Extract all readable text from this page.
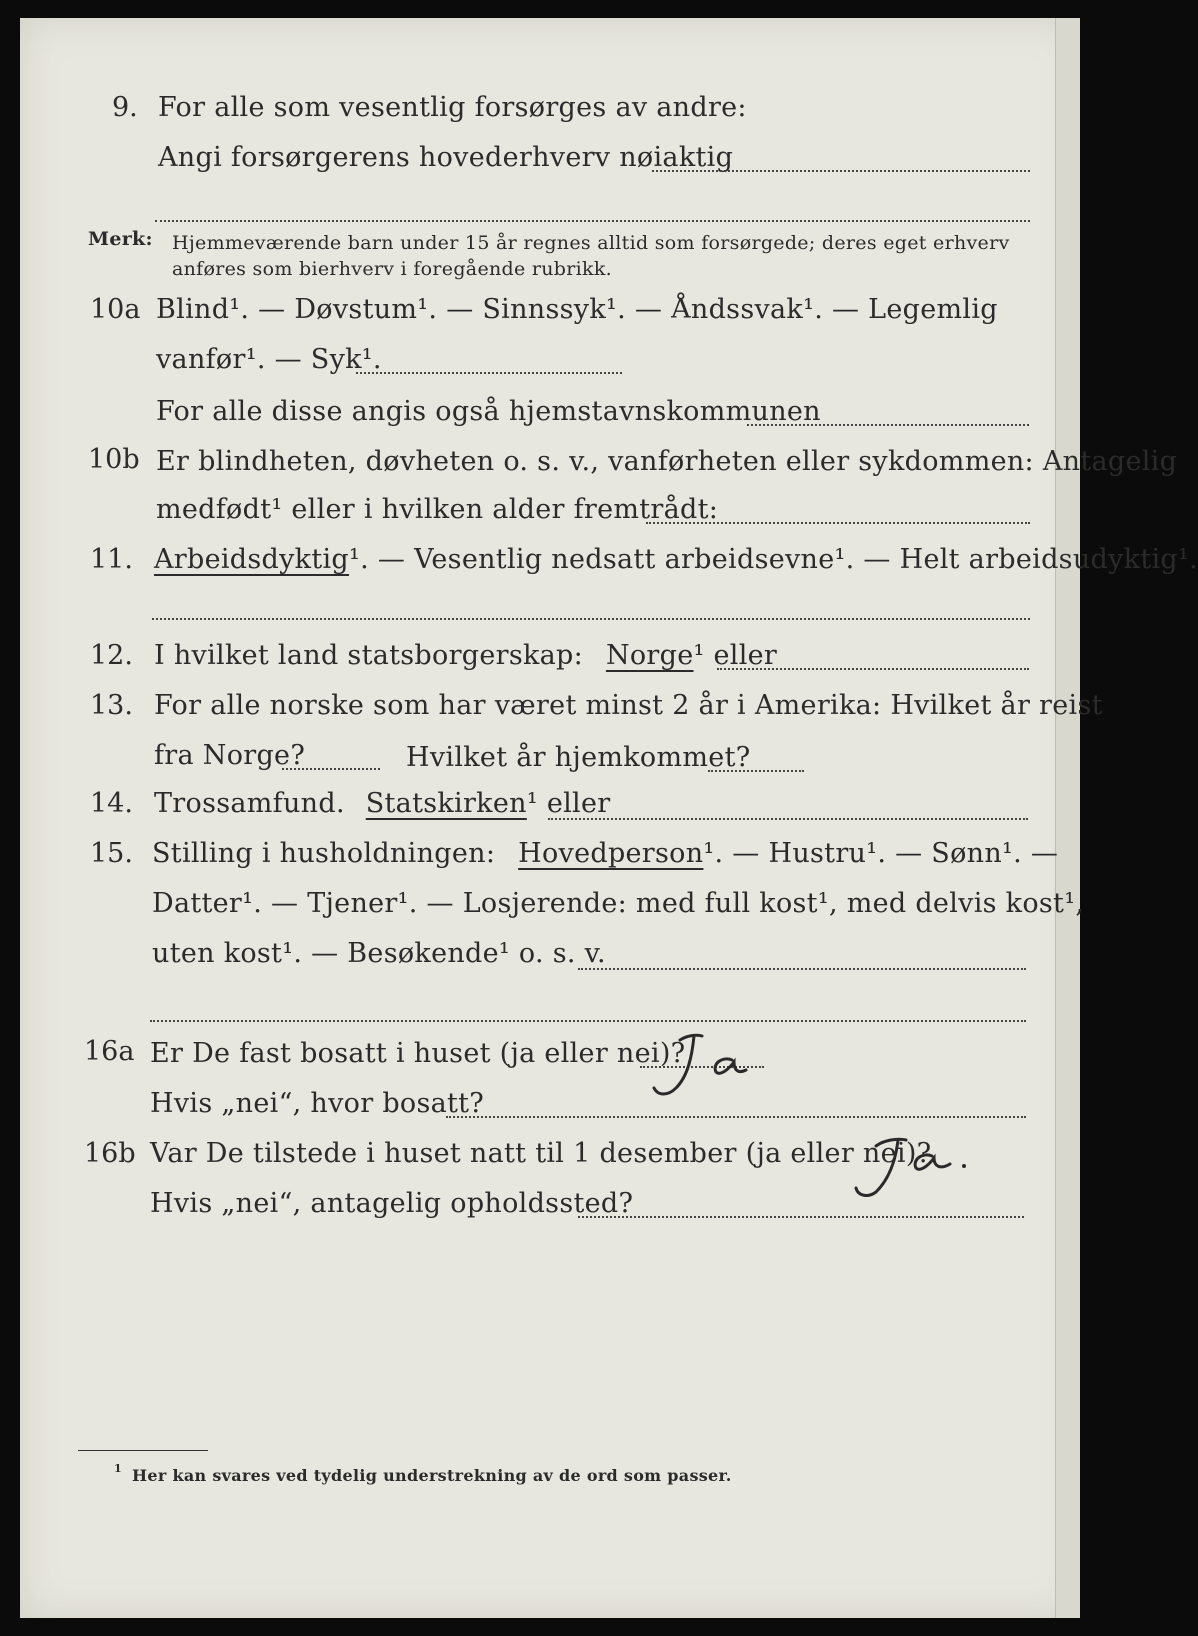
9. For alle som vesentlig forsørges av andre:
Angi forsørgerens hovederhverv nøiaktig
Merk: Hjemmeværende barn under 15 år regnes alltid som forsørgede; deres eget erhverv
anføres som bierhverv i foregående rubrikk.
10a Blind¹. — Døvstum¹. — Sinnssyk¹. — Åndssvak¹. — Legemlig
vanfør¹. — Syk¹.
For alle disse angis også hjemstavnskommunen
10b Er blindheten, døvheten o. s. v., vanførheten eller sykdommen: Antagelig
medfødt¹ eller i hvilken alder fremtrådt:
11. Arbeidsdyktig¹. — Vesentlig nedsatt arbeidsevne¹. — Helt arbeidsudyktig¹.
12. I hvilket land statsborgerskap: Norge¹ eller
13. For alle norske som har været minst 2 år i Amerika: Hvilket år reist
fra Norge?	Hvilket år hjemkommet?
14. Trossamfund. Statskirken¹ eller
15. Stilling i husholdningen: Hovedperson¹. — Hustru¹. — Sønn¹. —
Datter¹. — Tjener¹. — Losjerende: med full kost¹, med delvis kost¹,
uten kost¹. — Besøkende¹ o. s. v.
16a Er De fast bosatt i huset (ja eller nei)?
Hvis „nei“, hvor bosatt?
16b Var De tilstede i huset natt til 1 desember (ja eller nei)?
Hvis „nei“, antagelig opholdssted?
1 Her kan svares ved tydelig understrekning av de ord som passer.
